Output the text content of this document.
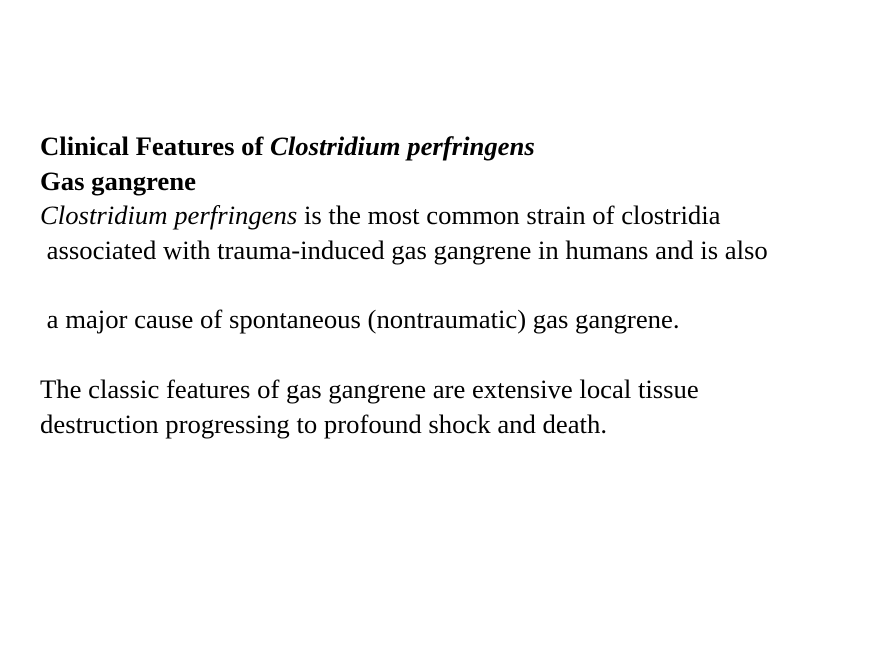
Clinical Features of Clostridium perfringens
Gas gangrene
Clostridium perfringens is the most common strain of clostridia
associated with trauma-induced gas gangrene in humans and is also
a major cause of spontaneous (nontraumatic) gas gangrene.
The classic features of gas gangrene are extensive local tissue
destruction progressing to profound shock and death.
